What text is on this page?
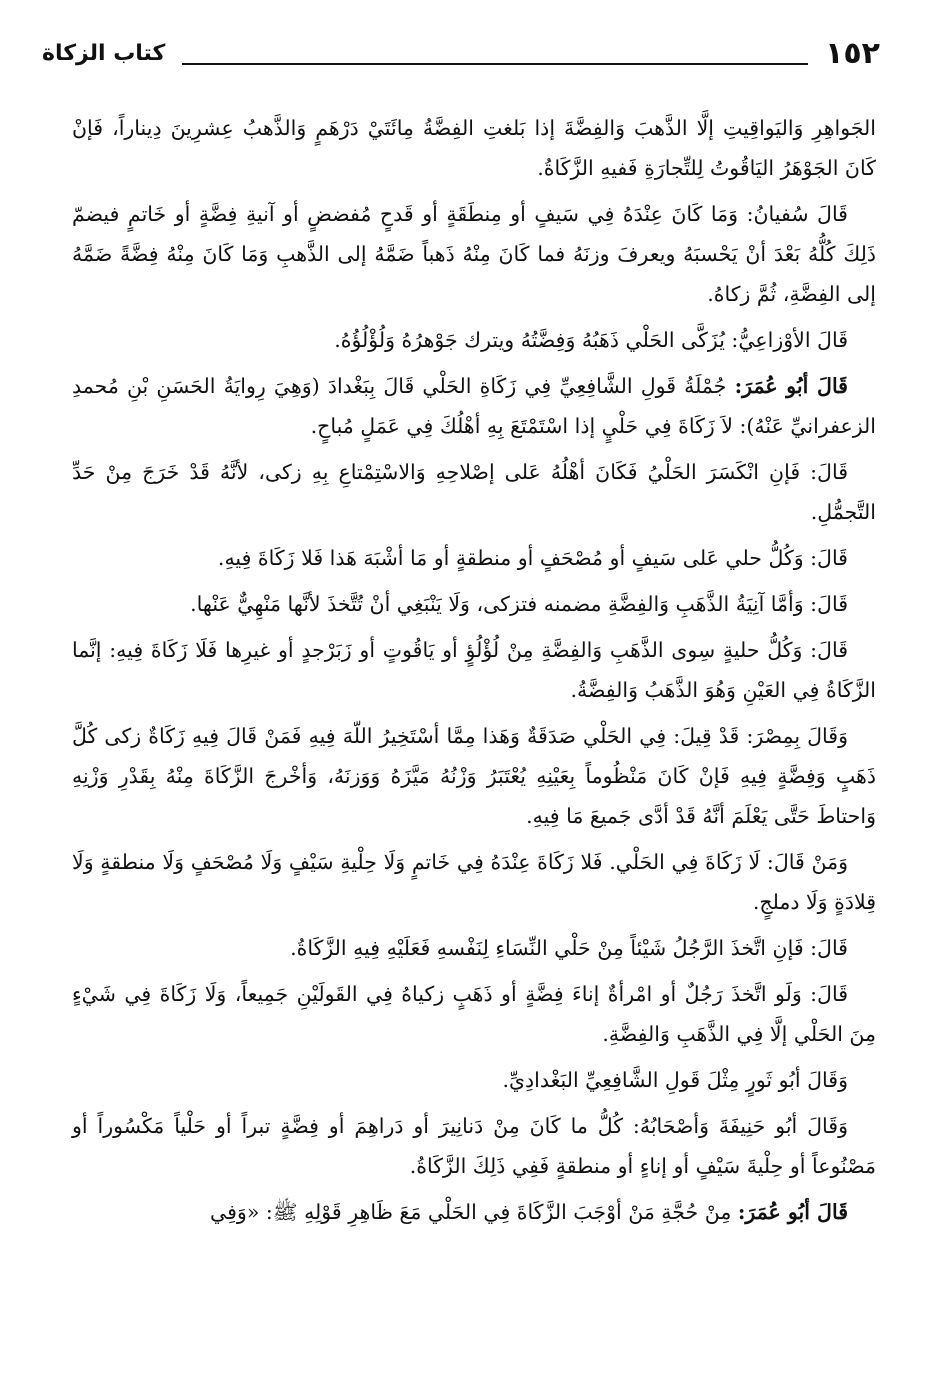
١٥٢
كتاب الزكاة

الجَواهِرِ وَاليَواقِيتِ إلَّا الذَّهبَ وَالفِضَّةَ إذا بَلغتِ الفِضَّةُ مِائَتَيْ دَرْهَمٍ وَالذَّهبُ عِشرِينَ دِيناراً، فَإنْ كَانَ الجَوْهَرُ اليَاقُوتُ لِلتِّجارَةِ فَفيهِ الزَّكَاةُ.

قَالَ سُفيانُ: وَمَا كَانَ عِنْدَهُ فِي سَيفٍ أو مِنطَقَةٍ أو قَدحٍ مُفضضٍ أو آنيةِ فِضَّةٍ أو خَاتمٍ فيضمّ ذَلِكَ كُلُّهُ بَعْدَ أنْ يَحْسبَهُ ويعرفَ وزنَهُ فما كَانَ مِنْهُ ذَهباً ضَمَّهُ إلى الذَّهبِ وَمَا كَانَ مِنْهُ فِضَّةً ضَمَّهُ إلى الفِضَّةِ، ثُمَّ زكاهُ.

قَالَ الأوْزاعِيُّ: يُزَكَّى الحَلْي ذَهَبُهُ وَفِضَّتُهُ ويترك جَوْهرُهُ وَلُؤْلُؤُهُ.

قَالَ أبُو عُمَرَ: جُمْلَةُ قَولِ الشَّافِعِيِّ فِي زَكَاةِ الحَلْي قَالَ بِبَغْدادَ (وَهِيَ رِوايَةُ الحَسَنِ بْنِ مُحمدِ الزعفرانيِّ عَنْهُ): لاَ زَكَاةَ فِي حَلْيٍ إذا اسْتَمْتَعَ بِهِ أهْلُكَ فِي عَمَلٍ مُباحٍ.

قَالَ: فَإنِ انْكَسَرَ الحَلْيُ فَكَانَ أهْلُهُ عَلى إصْلاحِهِ وَالاسْتِمْتاعِ بِهِ زكى، لأنَّهُ قَدْ خَرَجَ مِنْ حَدِّ التَّجمُّلِ.

قَالَ: وَكُلُّ حلي عَلى سَيفٍ أو مُصْحَفٍ أو منطقةٍ أو مَا أشْبَهَ هَذا فَلا زَكَاةَ فِيهِ.

قَالَ: وَأمَّا آنِيَةُ الذَّهَبِ وَالفِضَّةِ مضمنه فتزكى، وَلَا يَنْبَغِي أنْ تُتَّخذَ لأنَّها مَنْهِيٌّ عَنْها.

قَالَ: وَكُلُّ حليةٍ سِوى الذَّهَبِ وَالفِضَّةِ مِنْ لُؤْلُؤٍ أو يَاقُوتٍ أو زَبَرْجدٍ أو غيرِها فَلَا زَكَاةَ فِيهِ: إنَّما الزَّكَاةُ فِي العَيْنِ وَهُوَ الذَّهَبُ وَالفِضَّةُ.

وَقَالَ بِمِصْرَ: قَدْ قِيلَ: فِي الحَلْي صَدَقَةٌ وَهَذا مِمَّا أسْتَخِيرُ اللّهَ فِيهِ فَمَنْ قَالَ فِيهِ زَكَاةٌ زكى كُلَّ ذَهَبٍ وَفِضَّةٍ فِيهِ فَإنْ كَانَ مَنْظُوماً بِعَيْنِهِ يُعْتَبَرُ وَزْنُهُ مَيَّزَهُ وَوَزنَهُ، وَأخْرجَ الزَّكَاةَ مِنْهُ بِقَدْرِ وَزْنِهِ وَاحتاطَ حَتَّى يَعْلَمَ أنَّهُ قَدْ أدَّى جَميعَ مَا فِيهِ.

وَمَنْ قَالَ: لَا زَكَاةَ فِي الحَلْي. فَلا زَكَاةَ عِنْدَهُ فِي خَاتمٍ وَلَا حِلْيةِ سَيْفٍ وَلَا مُصْحَفٍ وَلَا منطقةٍ وَلَا قِلادَةٍ وَلَا دملجٍ.

قَالَ: فَإنِ اتَّخذَ الرَّجُلُ شَيْئاً مِنْ حَلْي النِّسَاءِ لِنَفْسهِ فَعَلَيْهِ فِيهِ الزَّكَاةُ.

قَالَ: وَلَو اتَّخذَ رَجُلٌ أو امْرأةٌ إناءَ فِضَّةٍ أو ذَهَبٍ زكياهُ فِي القَولَيْنِ جَمِيعاً، وَلَا زَكَاةَ فِي شَيْءٍ مِنَ الحَلْي إلَّا فِي الذَّهَبِ وَالفِضَّةِ.

وَقَالَ أبُو ثَورٍ مِثْلَ قَولِ الشَّافِعِيِّ البَغْدادِيِّ.

وَقَالَ أبُو حَنِيفَةَ وَأصْحَابُهُ: كُلُّ ما كَانَ مِنْ دَنانِيرَ أو دَراهِمَ أو فِضَّةٍ تبراً أو حَلْياً مَكْسُوراً أو مَصْنُوعاً أو حِلْيةَ سَيْفٍ أو إناءٍ أو منطقةٍ فَفِي ذَلِكَ الزَّكَاةُ.

قَالَ أبُو عُمَرَ: مِنْ حُجَّةِ مَنْ أوْجَبَ الزَّكَاةَ فِي الحَلْي مَعَ ظَاهِرِ قَوْلِهِ ﷺ: «وَفِي
